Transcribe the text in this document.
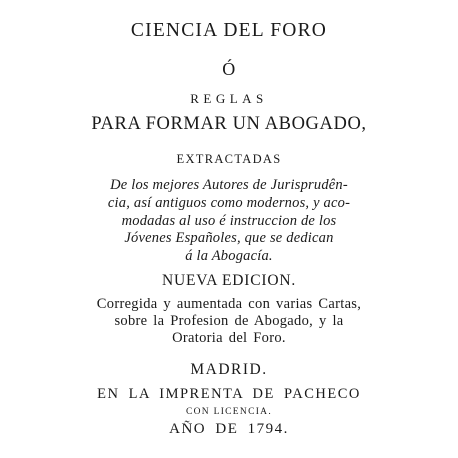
CIENCIA DEL FORO
Ó
REGLAS
PARA FORMAR UN ABOGADO,
EXTRACTADAS
De los mejores Autores de Jurisprudên-
cia, así antiguos como modernos, y aco-
modadas al uso é instruccion de los
Jóvenes Españoles, que se dedican
á la Abogacía.
NUEVA EDICION.
Corregida y aumentada con varias Cartas,
sobre la Profesion de Abogado, y la
Oratoria del Foro.
MADRID.
EN LA IMPRENTA DE PACHECO
CON LICENCIA.
AÑO DE 1794.
